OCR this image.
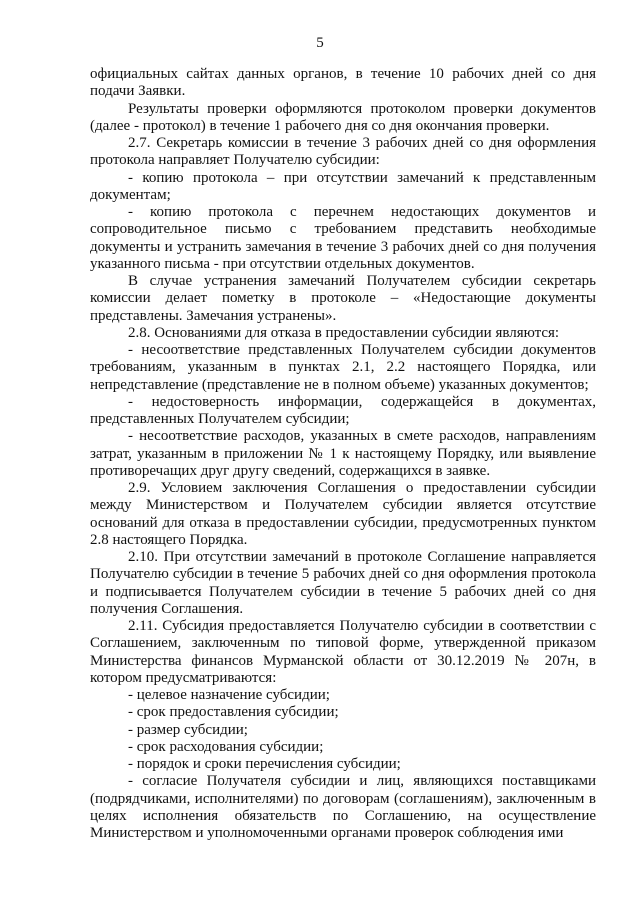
5

официальных сайтах данных органов, в течение 10 рабочих дней со дня подачи Заявки.

Результаты проверки оформляются протоколом проверки документов (далее - протокол) в течение 1 рабочего дня со дня окончания проверки.

2.7. Секретарь комиссии в течение 3 рабочих дней со дня оформления протокола направляет Получателю субсидии:

- копию протокола – при отсутствии замечаний к представленным документам;

- копию протокола с перечнем недостающих документов и сопроводительное письмо с требованием представить необходимые документы и устранить замечания в течение 3 рабочих дней со дня получения указанного письма - при отсутствии отдельных документов.

В случае устранения замечаний Получателем субсидии секретарь комиссии делает пометку в протоколе – «Недостающие документы представлены. Замечания устранены».

2.8. Основаниями для отказа в предоставлении субсидии являются:

- несоответствие представленных Получателем субсидии документов требованиям, указанным в пунктах 2.1, 2.2 настоящего Порядка, или непредставление (представление не в полном объеме) указанных документов;

- недостоверность информации, содержащейся в документах, представленных Получателем субсидии;

- несоответствие расходов, указанных в смете расходов, направлениям затрат, указанным в приложении № 1 к настоящему Порядку, или выявление противоречащих друг другу сведений, содержащихся в заявке.

2.9. Условием заключения Соглашения о предоставлении субсидии между Министерством и Получателем субсидии является отсутствие оснований для отказа в предоставлении субсидии, предусмотренных пунктом 2.8 настоящего Порядка.

2.10. При отсутствии замечаний в протоколе Соглашение направляется Получателю субсидии в течение 5 рабочих дней со дня оформления протокола и подписывается Получателем субсидии в течение 5 рабочих дней со дня получения Соглашения.

2.11. Субсидия предоставляется Получателю субсидии в соответствии с Соглашением, заключенным по типовой форме, утвержденной приказом Министерства финансов Мурманской области от 30.12.2019 № 207н, в котором предусматриваются:

- целевое назначение субсидии;

- срок предоставления субсидии;

- размер субсидии;

- срок расходования субсидии;

- порядок и сроки перечисления субсидии;

- согласие Получателя субсидии и лиц, являющихся поставщиками (подрядчиками, исполнителями) по договорам (соглашениям), заключенным в целях исполнения обязательств по Соглашению, на осуществление Министерством и уполномоченными органами проверок соблюдения ими
